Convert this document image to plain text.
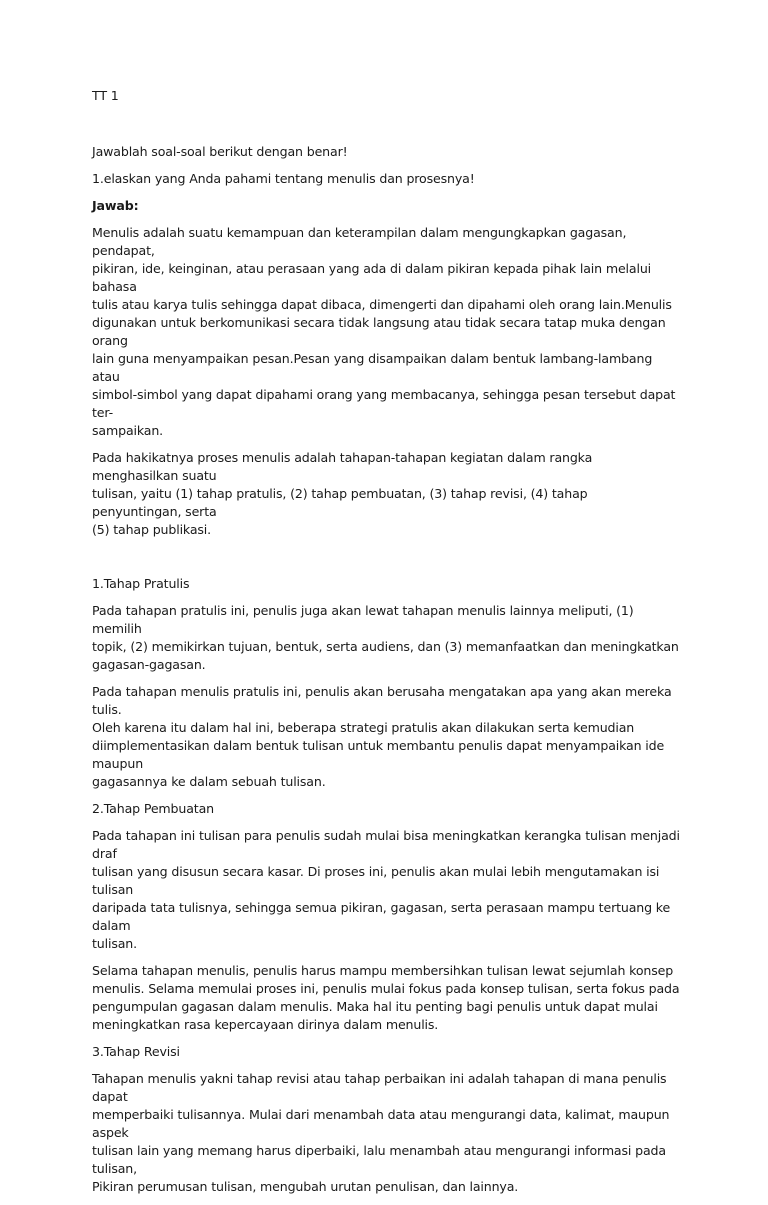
TT 1

Jawablah soal-soal berikut dengan benar!

1.elaskan yang Anda pahami tentang menulis dan prosesnya!

Jawab:

Menulis adalah suatu kemampuan dan keterampilan dalam mengungkapkan gagasan, pendapat,
pikiran, ide, keinginan, atau perasaan yang ada di dalam pikiran kepada pihak lain melalui bahasa
tulis atau karya tulis sehingga dapat dibaca, dimengerti dan dipahami oleh orang lain.Menulis
digunakan untuk berkomunikasi secara tidak langsung atau tidak secara tatap muka dengan orang
lain guna menyampaikan pesan.Pesan yang disampaikan dalam bentuk lambang-lambang atau
simbol-simbol yang dapat dipahami orang yang membacanya, sehingga pesan tersebut dapat ter-
sampaikan.

Pada hakikatnya proses menulis adalah tahapan-tahapan kegiatan dalam rangka menghasilkan suatu
tulisan, yaitu (1) tahap pratulis, (2) tahap pembuatan, (3) tahap revisi, (4) tahap penyuntingan, serta
(5) tahap publikasi.

1.Tahap Pratulis

Pada tahapan pratulis ini, penulis juga akan lewat tahapan menulis lainnya meliputi, (1) memilih
topik, (2) memikirkan tujuan, bentuk, serta audiens, dan (3) memanfaatkan dan meningkatkan
gagasan-gagasan.

Pada tahapan menulis pratulis ini, penulis akan berusaha mengatakan apa yang akan mereka tulis.
Oleh karena itu dalam hal ini, beberapa strategi pratulis akan dilakukan serta kemudian
diimplementasikan dalam bentuk tulisan untuk membantu penulis dapat menyampaikan ide maupun
gagasannya ke dalam sebuah tulisan.

2.Tahap Pembuatan

Pada tahapan ini tulisan para penulis sudah mulai bisa meningkatkan kerangka tulisan menjadi draf
tulisan yang disusun secara kasar. Di proses ini, penulis akan mulai lebih mengutamakan isi tulisan
daripada tata tulisnya, sehingga semua pikiran, gagasan, serta perasaan mampu tertuang ke dalam
tulisan.

Selama tahapan menulis, penulis harus mampu membersihkan tulisan lewat sejumlah konsep
menulis. Selama memulai proses ini, penulis mulai fokus pada konsep tulisan, serta fokus pada
pengumpulan gagasan dalam menulis. Maka hal itu penting bagi penulis untuk dapat mulai
meningkatkan rasa kepercayaan dirinya dalam menulis.

3.Tahap Revisi

Tahapan menulis yakni tahap revisi atau tahap perbaikan ini adalah tahapan di mana penulis dapat
memperbaiki tulisannya. Mulai dari menambah data atau mengurangi data, kalimat, maupun aspek
tulisan lain yang memang harus diperbaiki, lalu menambah atau mengurangi informasi pada tulisan,
Pikiran perumusan tulisan, mengubah urutan penulisan, dan lainnya.
